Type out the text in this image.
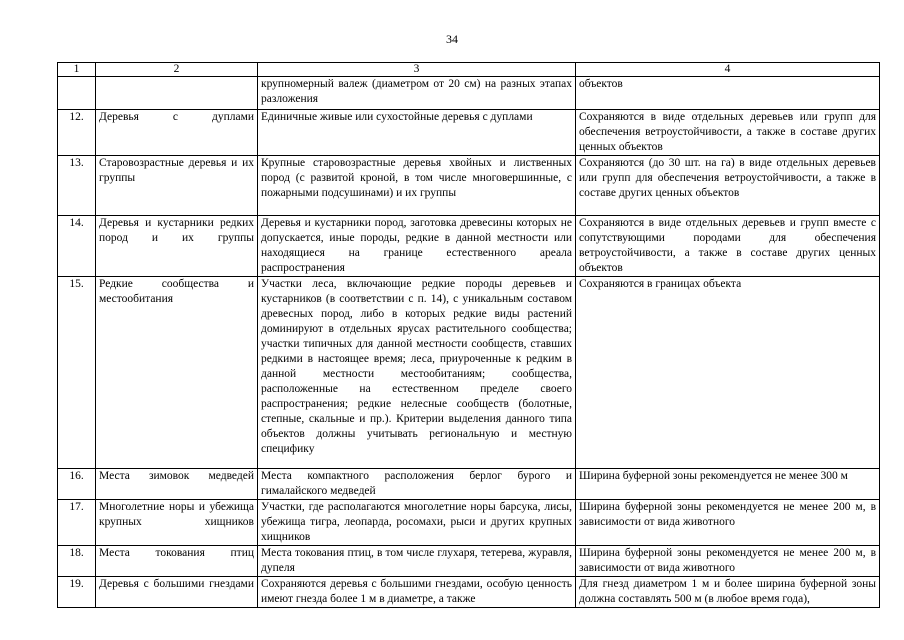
34
1	2	3	4
		крупномерный валеж (диаметром от 20 см) на разных этапах разложения	объектов
12.	Деревья с дуплами	Единичные живые или сухостойные деревья с дуплами	Сохраняются в виде отдельных деревьев или групп для обеспечения ветроустойчивости, а также в составе других ценных объектов
13.	Старовозрастные деревья и их группы	Крупные старовозрастные деревья хвойных и лиственных пород (с развитой кроной, в том числе многовершинные, с пожарными подсушинами) и их группы	Сохраняются (до 30 шт. на га) в виде отдельных деревьев или групп для обеспечения ветроустойчивости, а также в составе других ценных объектов
14.	Деревья и кустарники редких пород и их группы	Деревья и кустарники пород, заготовка древесины которых не допускается, иные породы, редкие в данной местности или находящиеся на границе естественного ареала распространения	Сохраняются в виде отдельных деревьев и групп вместе с сопутствующими породами для обеспечения ветроустойчивости, а также в составе других ценных объектов
15.	Редкие сообщества и местообитания	Участки леса, включающие редкие породы деревьев и кустарников (в соответствии с п. 14), с уникальным составом древесных пород, либо в которых редкие виды растений доминируют в отдельных ярусах растительного сообщества; участки типичных для данной местности сообществ, ставших редкими в настоящее время; леса, приуроченные к редким в данной местности местообитаниям; сообщества, расположенные на естественном пределе своего распространения; редкие нелесные сообществ (болотные, степные, скальные и пр.). Критерии выделения данного типа объектов должны учитывать региональную и местную специфику	Сохраняются в границах объекта
16.	Места зимовок медведей	Места компактного расположения берлог бурого и гималайского медведей	Ширина буферной зоны рекомендуется не менее 300 м
17.	Многолетние норы и убежища крупных хищников	Участки, где располагаются многолетние норы барсука, лисы, убежища тигра, леопарда, росомахи, рыси и других крупных хищников	Ширина буферной зоны рекомендуется не менее 200 м, в зависимости от вида животного
18.	Места токования птиц	Места токования птиц, в том числе глухаря, тетерева, журавля, дупеля	Ширина буферной зоны рекомендуется не менее 200 м, в зависимости от вида животного
19.	Деревья с большими гнездами	Сохраняются деревья с большими гнездами, особую ценность имеют гнезда более 1 м в диаметре, а также	Для гнезд диаметром 1 м и более ширина буферной зоны должна составлять 500 м (в любое время года),
